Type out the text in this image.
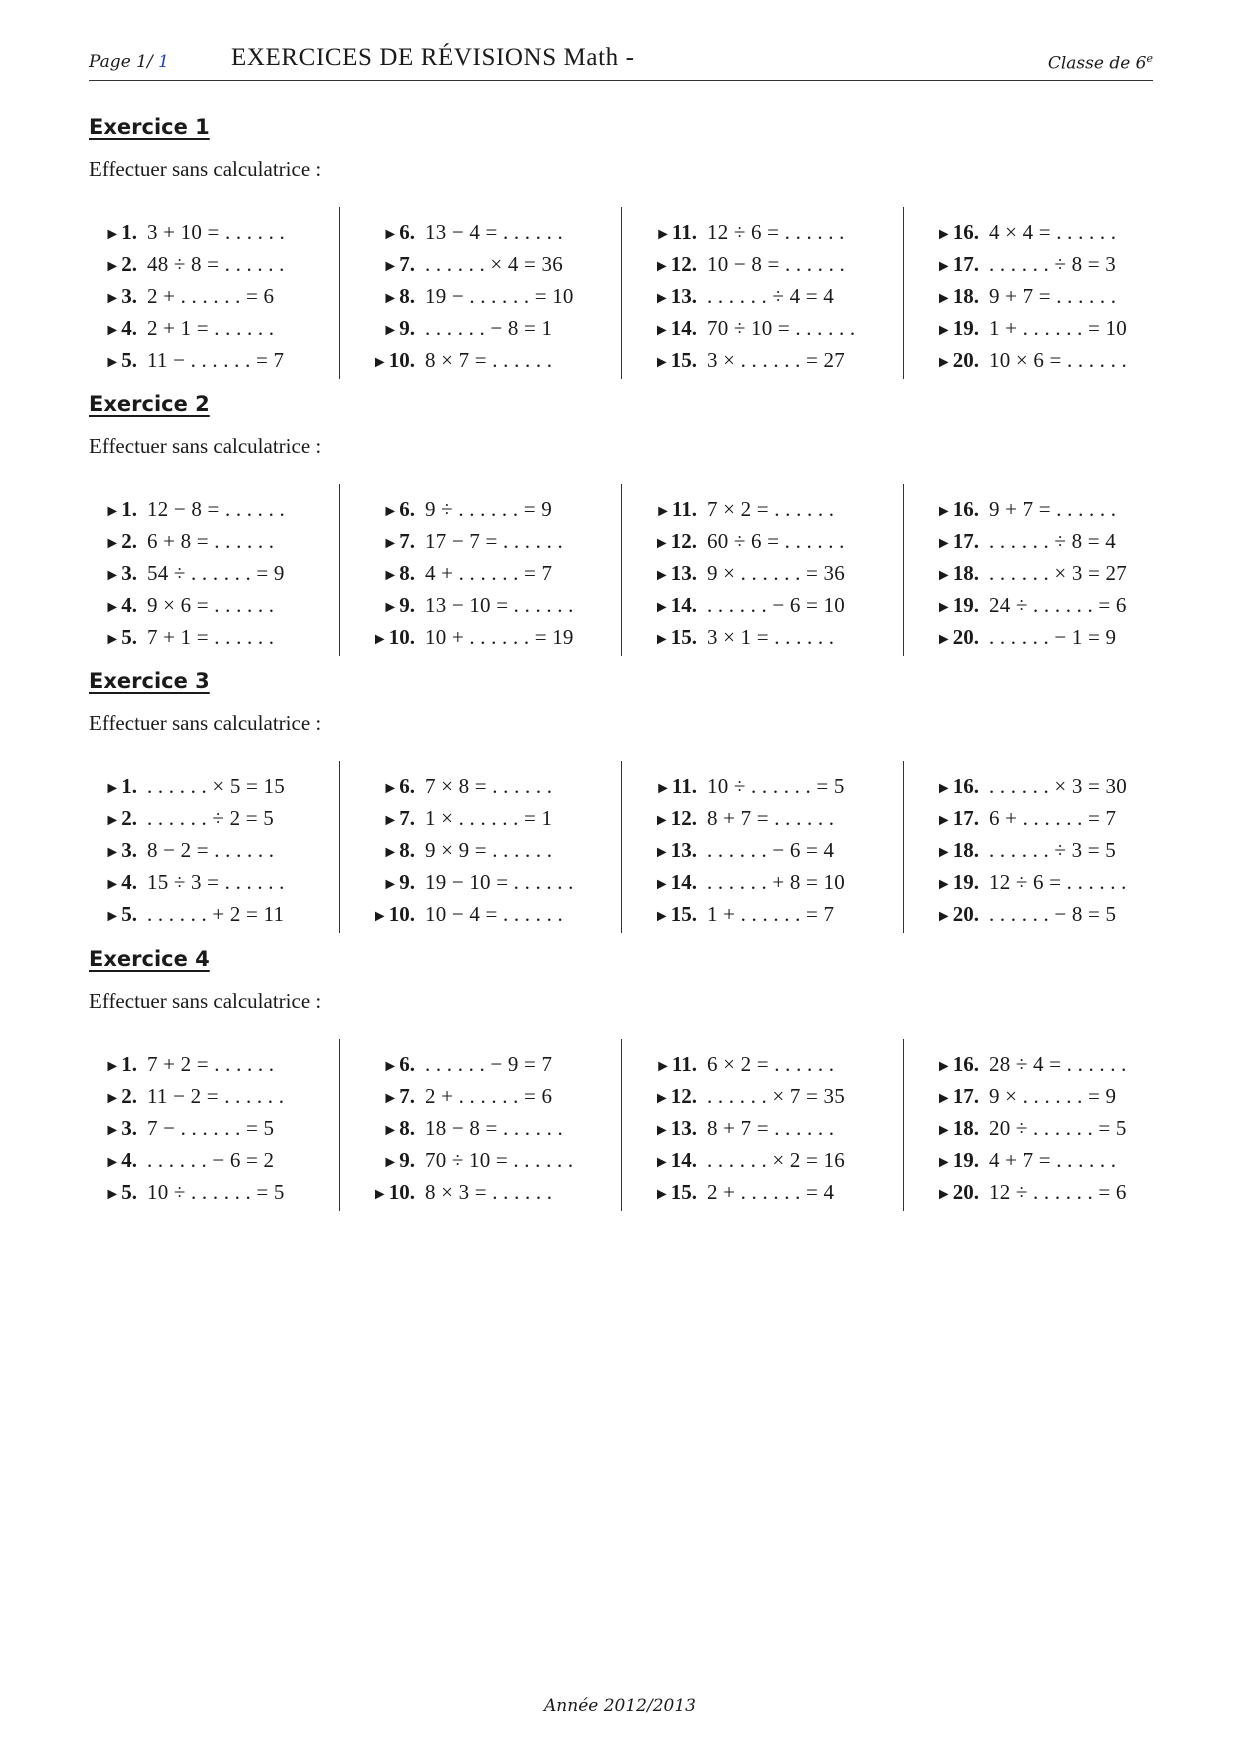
Page 1/ 1 EXERCICES DE RÉVISIONS Math -	Classe de 6e
Exercice 1
Effectuer sans calculatrice :
►1. 3 + 10 = . . . . . .
►2. 48 ÷ 8 = . . . . . .
►3. 2 + . . . . . . = 6
►4. 2 + 1 = . . . . . .
►5. 11 − . . . . . . = 7
►6. 13 − 4 = . . . . . .
►7. . . . . . . × 4 = 36
►8. 19 − . . . . . . = 10
►9. . . . . . . − 8 = 1
►10. 8 × 7 = . . . . . .
►11. 12 ÷ 6 = . . . . . .
►12. 10 − 8 = . . . . . .
►13. . . . . . . ÷ 4 = 4
►14. 70 ÷ 10 = . . . . . .
►15. 3 × . . . . . . = 27
►16. 4 × 4 = . . . . . .
►17. . . . . . . ÷ 8 = 3
►18. 9 + 7 = . . . . . .
►19. 1 + . . . . . . = 10
►20. 10 × 6 = . . . . . .
Exercice 2
Effectuer sans calculatrice :
►1. 12 − 8 = . . . . . .
►2. 6 + 8 = . . . . . .
►3. 54 ÷ . . . . . . = 9
►4. 9 × 6 = . . . . . .
►5. 7 + 1 = . . . . . .
►6. 9 ÷ . . . . . . = 9
►7. 17 − 7 = . . . . . .
►8. 4 + . . . . . . = 7
►9. 13 − 10 = . . . . . .
►10. 10 + . . . . . . = 19
►11. 7 × 2 = . . . . . .
►12. 60 ÷ 6 = . . . . . .
►13. 9 × . . . . . . = 36
►14. . . . . . . − 6 = 10
►15. 3 × 1 = . . . . . .
►16. 9 + 7 = . . . . . .
►17. . . . . . . ÷ 8 = 4
►18. . . . . . . × 3 = 27
►19. 24 ÷ . . . . . . = 6
►20. . . . . . . − 1 = 9
Exercice 3
Effectuer sans calculatrice :
►1. . . . . . . × 5 = 15
►2. . . . . . . ÷ 2 = 5
►3. 8 − 2 = . . . . . .
►4. 15 ÷ 3 = . . . . . .
►5. . . . . . . + 2 = 11
►6. 7 × 8 = . . . . . .
►7. 1 × . . . . . . = 1
►8. 9 × 9 = . . . . . .
►9. 19 − 10 = . . . . . .
►10. 10 − 4 = . . . . . .
►11. 10 ÷ . . . . . . = 5
►12. 8 + 7 = . . . . . .
►13. . . . . . . − 6 = 4
►14. . . . . . . + 8 = 10
►15. 1 + . . . . . . = 7
►16. . . . . . . × 3 = 30
►17. 6 + . . . . . . = 7
►18. . . . . . . ÷ 3 = 5
►19. 12 ÷ 6 = . . . . . .
►20. . . . . . . − 8 = 5
Exercice 4
Effectuer sans calculatrice :
►1. 7 + 2 = . . . . . .
►2. 11 − 2 = . . . . . .
►3. 7 − . . . . . . = 5
►4. . . . . . . − 6 = 2
►5. 10 ÷ . . . . . . = 5
►6. . . . . . . − 9 = 7
►7. 2 + . . . . . . = 6
►8. 18 − 8 = . . . . . .
►9. 70 ÷ 10 = . . . . . .
►10. 8 × 3 = . . . . . .
►11. 6 × 2 = . . . . . .
►12. . . . . . . × 7 = 35
►13. 8 + 7 = . . . . . .
►14. . . . . . . × 2 = 16
►15. 2 + . . . . . . = 4
►16. 28 ÷ 4 = . . . . . .
►17. 9 × . . . . . . = 9
►18. 20 ÷ . . . . . . = 5
►19. 4 + 7 = . . . . . .
►20. 12 ÷ . . . . . . = 6
Année 2012/2013
